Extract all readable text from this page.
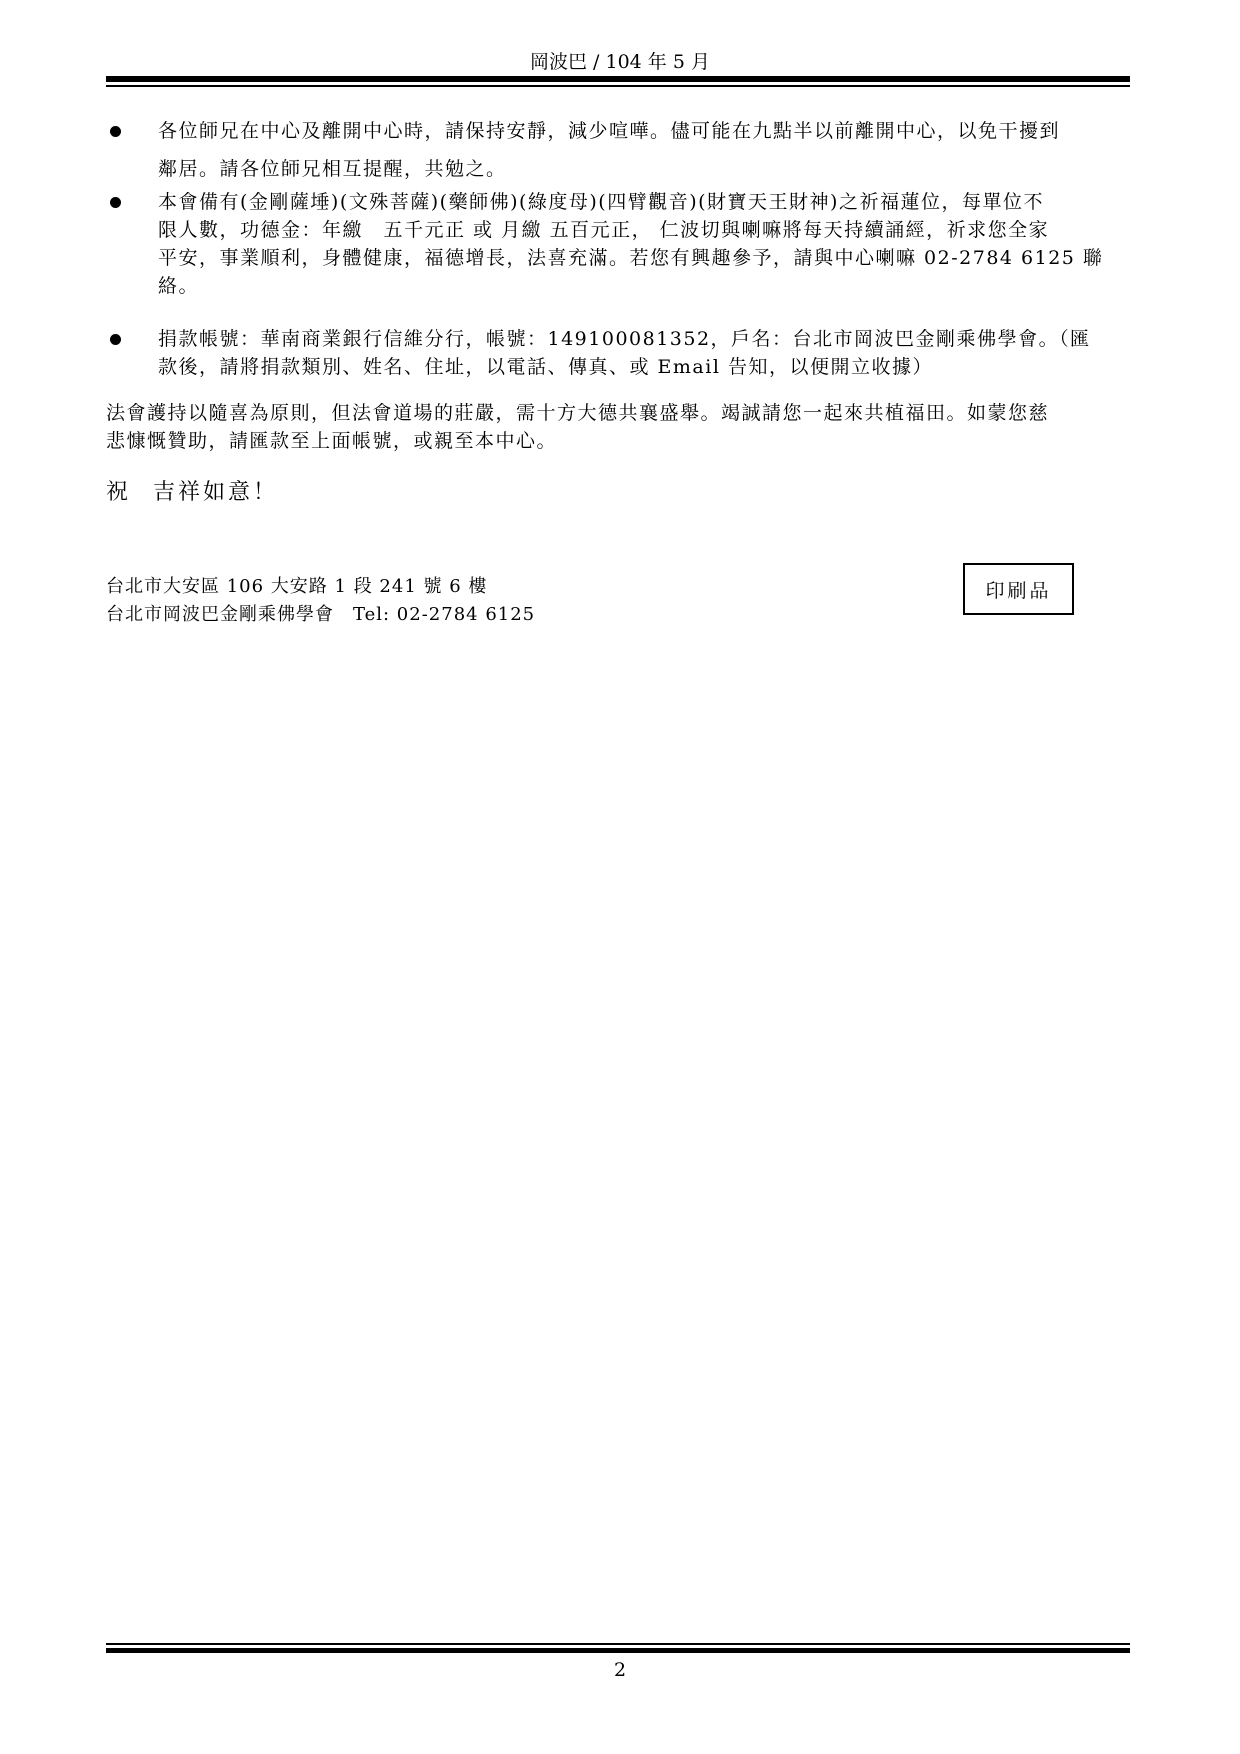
岡波巴 / 104 年 5 月
各位師兄在中心及離開中心時，請保持安靜，減少喧嘩。儘可能在九點半以前離開中心，以免干擾到
鄰居。請各位師兄相互提醒，共勉之。
本會備有(金剛薩埵)(文殊菩薩)(藥師佛)(綠度母)(四臂觀音)(財寶天王財神)之祈福蓮位，每單位不
限人數，功德金：年繳　五千元正 或 月繳 五百元正， 仁波切與喇嘛將每天持續誦經，祈求您全家
平安，事業順利，身體健康，福德增長，法喜充滿。若您有興趣參予，請與中心喇嘛 02-2784 6125 聯
絡。
捐款帳號：華南商業銀行信維分行，帳號：149100081352，戶名：台北市岡波巴金剛乘佛學會。（匯
款後，請將捐款類別、姓名、住址，以電話、傳真、或 Email 告知，以便開立收據）
法會護持以隨喜為原則，但法會道場的莊嚴，需十方大德共襄盛舉。竭誠請您一起來共植福田。如蒙您慈
悲慷慨贊助，請匯款至上面帳號，或親至本中心。
祝 吉祥如意！
台北市大安區 106 大安路 1 段 241 號 6 樓
台北市岡波巴金剛乘佛學會　Tel: 02-2784 6125
印刷品
2
